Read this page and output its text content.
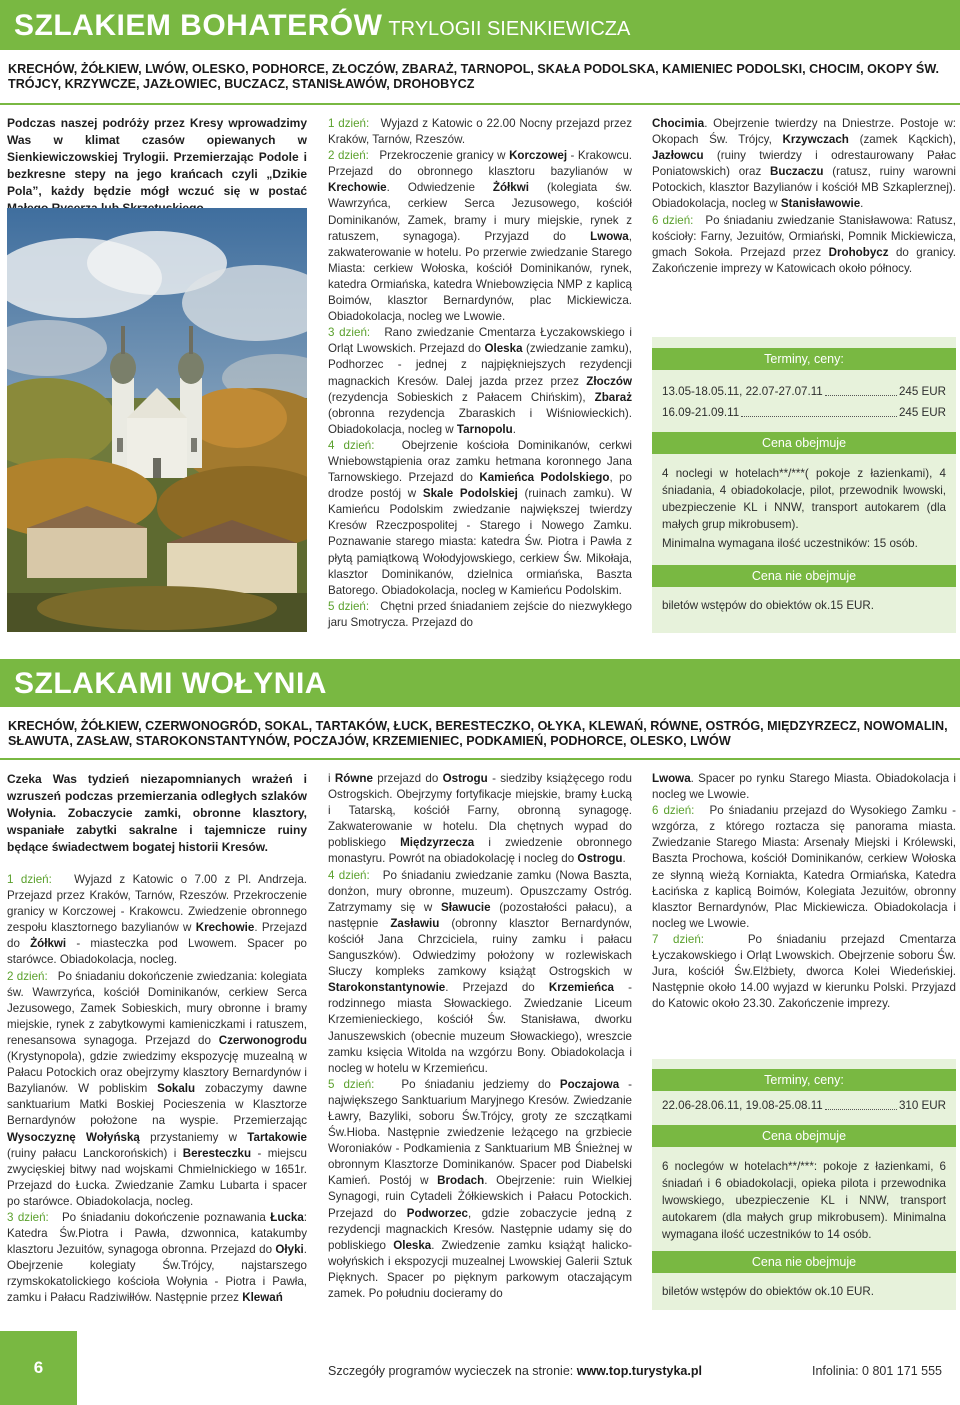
SZLAKIEM BOHATERÓW TRYLOGII SIENKIEWICZA
KRECHÓW, ŻÓŁKIEW, LWÓW, OLESKO, PODHORCE, ZŁOCZÓW, ZBARAŻ, TARNOPOL, SKAŁA PODOLSKA, KAMIENIEC PODOLSKI, CHOCIM, OKOPY ŚW. TRÓJCY, KRZYWCZE, JAZŁOWIEC, BUCZACZ, STANISŁAWÓW, DROHOBYCZ

Podczas naszej podróży przez Kresy wprowadzimy Was w klimat czasów opiewanych w Sienkiewiczowskiej Trylogii. Przemierzając Podole i bezkresne stepy na jego krańcach czyli „Dzikie Pola”, każdy będzie mógł wczuć się w postać

1 dzień: Wyjazd z Katowic o 22.00 Nocny przejazd przez Kraków, Tarnów, Rzeszów.

2 dzień: Przekroczenie granicy w Korczowej - Krakowcu. Przejazd do obronnego klasztoru bazylianów w Krechowie. Odwiedzenie Żółkwi (kolegiata św. Wawrzyńca, cerkiew Serca Jezusowego, kościół Dominikanów, Zamek, bramy i mury miejskie, rynek z ratuszem, synagoga). Przyjazd do Lwowa, zakwaterowanie w hotelu. Po przerwie zwiedzanie Starego Miasta: cerkiew Wołoska, kościół Dominikanów, rynek, katedra Ormiańska, katedra Wniebowzięcia NMP z kaplicą Boimów, klasztor Bernardynów, plac Mickiewicza. Obiadokolacja, nocleg we Lwowie.

3 dzień: Rano zwiedzanie Cmentarza Łyczakowskiego i Orląt Lwowskich. Przejazd do Oleska (zwiedzanie zamku), Podhorzec - jednej z najpiękniejszych rezydencji magnackich Kresów. Dalej jazda przez przez Złoczów (rezydencja Sobieskich z Pałacem Chińskim), Zbaraż (obronna rezydencja Zbaraskich i Wiśniowieckich). Obiadokolacja, nocleg w Tarnopolu.

4 dzień: Obejrzenie kościoła Dominikanów, cerkwi Wniebowstąpienia oraz zamku hetmana koronnego Jana Tarnowskiego. Przejazd do Kamieńca Podolskiego, po drodze postój w Skale Podolskiej (ruinach zamku). W Kamieńcu Podolskim zwiedzanie największej twierdzy Kresów Rzeczpospolitej - Starego i Nowego Zamku. Poznawanie starego miasta: katedra Św. Piotra i Pawła z płytą pamiątkową Wołodyjowskiego, cerkiew Św. Mikołaja, klasztor Dominikanów, dzielnica ormiańska, Baszta Batorego. Obiadokolacja, nocleg w Kamieńcu Podolskim.

5 dzień: Chętni przed śniadaniem zejście do niezwykłego jaru Smotrycza. Przejazd do

Chocimia. Obejrzenie twierdzy na Dniestrze. Postoje w: Okopach Św. Trójcy, Krzywczach (zamek Kąckich), Jazłowcu (ruiny twierdzy i odrestaurowany Pałac Poniatowskich) oraz Buczaczu (ratusz, ruiny warowni Potockich, klasztor Bazylianów i kościół MB Szkaplerznej). Obiadokolacja, nocleg w Stanisławowie.

6 dzień: Po śniadaniu zwiedzanie Stanisławowa: Ratusz, kościoły: Farny, Jezuitów, Ormiański, Pomnik Mickiewicza, gmach Sokoła. Przejazd przez Drohobycz do granicy. Zakończenie imprezy w Katowicach około północy.

Terminy, ceny:
13.05-18.05.11, 22.07-27.07.11	245 EUR
16.09-21.09.11	245 EUR
Cena obejmuje

4 noclegi w hotelach**/***( pokoje z łazienkami), 4 śniadania, 4 obiadokolacje, pilot, przewodnik lwowski, ubezpieczenie KL i NNW, transport autokarem (dla małych grup mikrobusem).

Minimalna wymagana ilość uczestników: 15 osób.

Cena nie obejmuje
biletów wstępów do obiektów ok.15 EUR.
SZLAKAMI WOŁYNIA
KRECHÓW, ŻÓŁKIEW, CZERWONOGRÓD, SOKAL, TARTAKÓW, ŁUCK, BERESTECZKO, OŁYKA, KLEWAŃ, RÓWNE, OSTRÓG, MIĘDZYRZECZ, NOWOMALIN, SŁAWUTA, ZASŁAW, STAROKONSTANTYNÓW, POCZAJÓW, KRZEMIENIEC, PODKAMIEŃ, PODHORCE, OLESKO, LWÓW

Czeka Was tydzień niezapomnianych wrażeń i wzruszeń podczas przemierzania odległych szlaków Wołynia. Zobaczycie zamki, obronne klasztory, wspaniałe zabytki sakralne i tajemnicze ruiny będące świadectwem bogatej historii Kresów.

1 dzień: Wyjazd z Katowic o 7.00 z Pl. Andrzeja. Przejazd przez Kraków, Tarnów, Rzeszów. Przekroczenie granicy w Korczowej - Krakowcu. Zwiedzenie obronnego zespołu klasztornego bazylianów w Krechowie. Przejazd do Żółkwi - miasteczka pod Lwowem. Spacer po starówce. Obiadokolacja, nocleg.

2 dzień: Po śniadaniu dokończenie zwiedzania: kolegiata św. Wawrzyńca, kościół Dominikanów, cerkiew Serca Jezusowego, Zamek Sobieskich, mury obronne i bramy miejskie, rynek z zabytkowymi kamieniczkami i ratuszem, renesansowa synagoga. Przejazd do Czerwonogrodu (Krystynopola), gdzie zwiedzimy ekspozycję muzealną w Pałacu Potockich oraz obejrzymy klasztory Bernardynów i Bazylianów. W pobliskim Sokalu zobaczymy dawne sanktuarium Matki Boskiej Pocieszenia w Klasztorze Bernardynów położone na wyspie. Przemierzając Wysoczyznę Wołyńską przystaniemy w Tartakowie (ruiny pałacu Lanckorońskich) i Beresteczku - miejscu zwycięskiej bitwy nad wojskami Chmielnickiego w 1651r. Przejazd do Łucka. Zwiedzanie Zamku Lubarta i spacer po starówce. Obiadokolacja, nocleg.

3 dzień: Po śniadaniu dokończenie poznawania Łucka: Katedra Św.Piotra i Pawła, dzwonnica, katakumby klasztoru Jezuitów, synagoga obronna. Przejazd do Ołyki. Obejrzenie kolegiaty Św.Trójcy, najstarszego rzymskokatolickiego kościoła Wołynia - Piotra i Pawła, zamku i Pałacu Radziwiłłów. Następnie przez Klewań

i Równe przejazd do Ostrogu - siedziby książęcego rodu Ostrogskich. Obejrzymy fortyfikacje miejskie, bramy Łucką i Tatarską, kościół Farny, obronną synagogę. Zakwaterowanie w hotelu. Dla chętnych wypad do pobliskiego Międzyrzecza i zwiedzenie obronnego monastyru. Powrót na obiadokolację i nocleg do Ostrogu.

4 dzień: Po śniadaniu zwiedzanie zamku (Nowa Baszta, donżon, mury obronne, muzeum). Opuszczamy Ostróg. Zatrzymamy się w Sławucie (pozostałości pałacu), a następnie Zasławiu (obronny klasztor Bernardynów, kościół Jana Chrzciciela, ruiny zamku i pałacu Sanguszków). Odwiedzimy położony w rozlewiskach Słuczy kompleks zamkowy książąt Ostrogskich w Starokonstantynowie. Przejazd do Krzemieńca - rodzinnego miasta Słowackiego. Zwiedzanie Liceum Krzemienieckiego, kościół Św. Stanisława, dworku Januszewskich (obecnie muzeum Słowackiego), wreszcie zamku księcia Witolda na wzgórzu Bony. Obiadokolacja i nocleg w hotelu w Krzemieńcu.

5 dzień: Po śniadaniu jedziemy do Poczajowa - największego Sanktuarium Maryjnego Kresów. Zwiedzanie Ławry, Bazyliki, soboru Św.Trójcy, groty ze szczątkami Św.Hioba. Następnie zwiedzenie leżącego na grzbiecie Woroniaków - Podkamienia z Sanktuarium MB Śnieżnej w obronnym Klasztorze Dominikanów. Spacer pod Diabelski Kamień. Postój w Brodach. Obejrzenie: ruin Wielkiej Synagogi, ruin Cytadeli Żółkiewskich i Pałacu Potockich. Przejazd do Podworzec, gdzie zobaczycie jedną z rezydencji magnackich Kresów. Następnie udamy się do pobliskiego Oleska. Zwiedzenie zamku książąt halicko-wołyńskich i ekspozycji muzealnej Lwowskiej Galerii Sztuk Pięknych. Spacer po pięknym parkowym otaczającym zamek. Po południu docieramy do

Lwowa. Spacer po rynku Starego Miasta. Obiadokolacja i nocleg we Lwowie.

6 dzień: Po śniadaniu przejazd do Wysokiego Zamku - wzgórza, z którego roztacza się panorama miasta. Zwiedzanie Starego Miasta: Arsenały Miejski i Królewski, Baszta Prochowa, kościół Dominikanów, cerkiew Wołoska ze słynną wieżą Korniakta, Katedra Ormiańska, Katedra Łacińska z kaplicą Boimów, Kolegiata Jezuitów, obronny klasztor Bernardynów, Plac Mickiewicza. Obiadokolacja i nocleg we Lwowie.

7 dzień:	Po śniadaniu przejazd Cmentarza Łyczakowskiego i Orląt Lwowskich. Obejrzenie soboru Św. Jura, kościół Św.Elżbiety, dworca Kolei Wiedeńskiej. Następnie około 14.00 wyjazd w kierunku Polski. Przyjazd do Katowic około 23.30. Zakończenie imprezy.

Terminy, ceny:
22.06-28.06.11, 19.08-25.08.11	310 EUR
Cena obejmuje

6 noclegów w hotelach**/***: pokoje z łazienkami, 6 śniadań i 6 obiadokolacji, opieka pilota i przewodnika lwowskiego, ubezpieczenie KL i NNW, transport autokarem (dla małych grup mikrobusem). Minimalna wymagana ilość uczestników to 14 osób.

Cena nie obejmuje
biletów wstępów do obiektów ok.10 EUR.
6	Szczegóły programów wycieczek na stronie: www.top.turystyka.pl	Infolinia: 0 801 171 555
